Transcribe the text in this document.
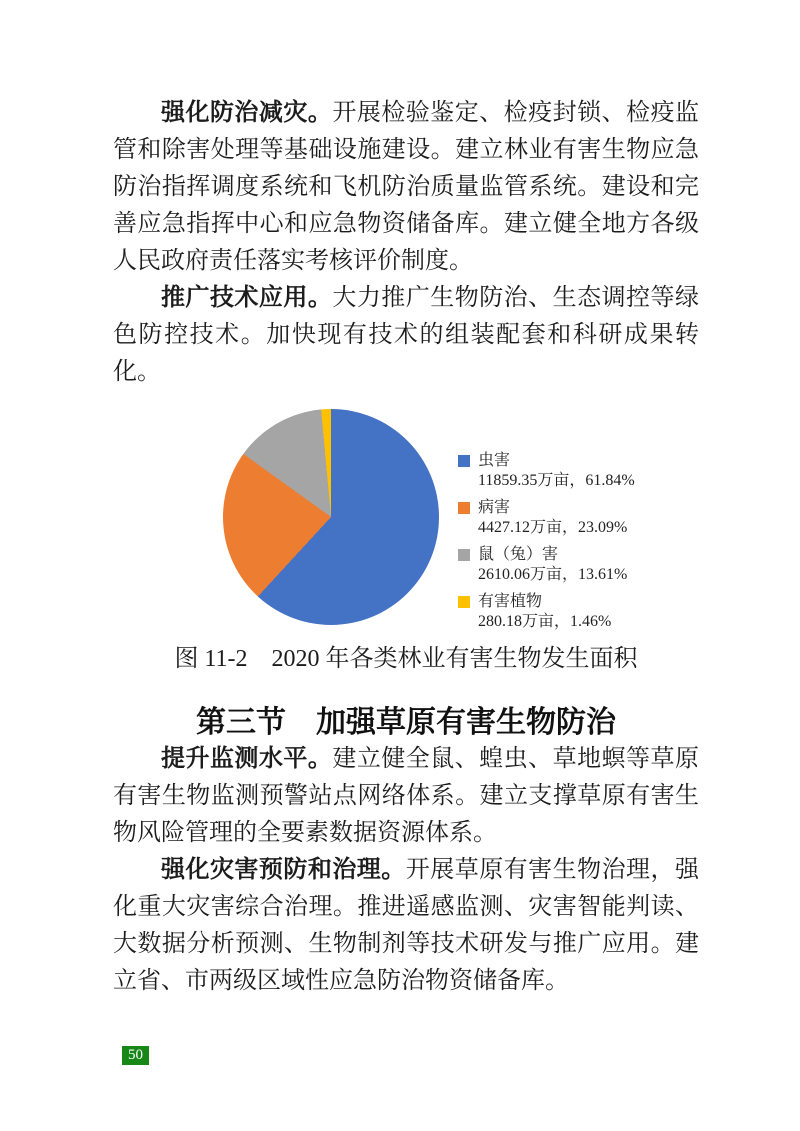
强化防治减灾。开展检验鉴定、检疫封锁、检疫监管和除害处理等基础设施建设。建立林业有害生物应急防治指挥调度系统和飞机防治质量监管系统。建设和完善应急指挥中心和应急物资储备库。建立健全地方各级人民政府责任落实考核评价制度。

推广技术应用。大力推广生物防治、生态调控等绿色防控技术。加快现有技术的组装配套和科研成果转化。

虫害
11859.35万亩，61.84%
病害
4427.12万亩，23.09%
鼠（兔）害
2610.06万亩，13.61%
有害植物
280.18万亩，1.46%
图 11-2　2020 年各类林业有害生物发生面积
第三节　加强草原有害生物防治

提升监测水平。建立健全鼠、蝗虫、草地螟等草原有害生物监测预警站点网络体系。建立支撑草原有害生物风险管理的全要素数据资源体系。

强化灾害预防和治理。开展草原有害生物治理，强化重大灾害综合治理。推进遥感监测、灾害智能判读、大数据分析预测、生物制剂等技术研发与推广应用。建立省、市两级区域性应急防治物资储备库。

50
